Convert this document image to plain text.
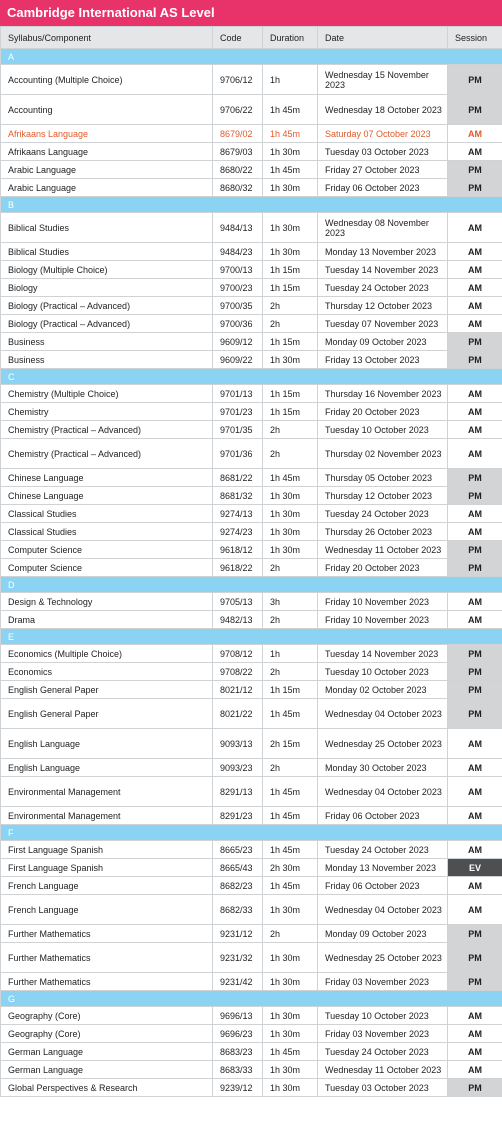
Cambridge International AS Level
Syllabus/Component	Code	Duration	Date	Session
A				
Accounting (Multiple Choice)	9706/12	1h	Wednesday 15 November 2023	PM
Accounting	9706/22	1h 45m	Wednesday 18 October 2023	PM
Afrikaans Language	8679/02	1h 45m	Saturday 07 October 2023	AM
Afrikaans Language	8679/03	1h 30m	Tuesday 03 October 2023	AM
Arabic Language	8680/22	1h 45m	Friday 27 October 2023	PM
Arabic Language	8680/32	1h 30m	Friday 06 October 2023	PM
B				
Biblical Studies	9484/13	1h 30m	Wednesday 08 November 2023	AM
Biblical Studies	9484/23	1h 30m	Monday 13 November 2023	AM
Biology (Multiple Choice)	9700/13	1h 15m	Tuesday 14 November 2023	AM
Biology	9700/23	1h 15m	Tuesday 24 October 2023	AM
Biology (Practical – Advanced)	9700/35	2h	Thursday 12 October 2023	AM
Biology (Practical – Advanced)	9700/36	2h	Tuesday 07 November 2023	AM
Business	9609/12	1h 15m	Monday 09 October 2023	PM
Business	9609/22	1h 30m	Friday 13 October 2023	PM
C				
Chemistry (Multiple Choice)	9701/13	1h 15m	Thursday 16 November 2023	AM
Chemistry	9701/23	1h 15m	Friday 20 October 2023	AM
Chemistry (Practical – Advanced)	9701/35	2h	Tuesday 10 October 2023	AM
Chemistry (Practical – Advanced)	9701/36	2h	Thursday 02 November 2023	AM
Chinese Language	8681/22	1h 45m	Thursday 05 October 2023	PM
Chinese Language	8681/32	1h 30m	Thursday 12 October 2023	PM
Classical Studies	9274/13	1h 30m	Tuesday 24 October 2023	AM
Classical Studies	9274/23	1h 30m	Thursday 26 October 2023	AM
Computer Science	9618/12	1h 30m	Wednesday 11 October 2023	PM
Computer Science	9618/22	2h	Friday 20 October 2023	PM
D				
Design & Technology	9705/13	3h	Friday 10 November 2023	AM
Drama	9482/13	2h	Friday 10 November 2023	AM
E				
Economics (Multiple Choice)	9708/12	1h	Tuesday 14 November 2023	PM
Economics	9708/22	2h	Tuesday 10 October 2023	PM
English General Paper	8021/12	1h 15m	Monday 02 October 2023	PM
English General Paper	8021/22	1h 45m	Wednesday 04 October 2023	PM
English Language	9093/13	2h 15m	Wednesday 25 October 2023	AM
English Language	9093/23	2h	Monday 30 October 2023	AM
Environmental Management	8291/13	1h 45m	Wednesday 04 October 2023	AM
Environmental Management	8291/23	1h 45m	Friday 06 October 2023	AM
F				
First Language Spanish	8665/23	1h 45m	Tuesday 24 October 2023	AM
First Language Spanish	8665/43	2h 30m	Monday 13 November 2023	EV
French Language	8682/23	1h 45m	Friday 06 October 2023	AM
French Language	8682/33	1h 30m	Wednesday 04 October 2023	AM
Further Mathematics	9231/12	2h	Monday 09 October 2023	PM
Further Mathematics	9231/32	1h 30m	Wednesday 25 October 2023	PM
Further Mathematics	9231/42	1h 30m	Friday 03 November 2023	PM
G				
Geography (Core)	9696/13	1h 30m	Tuesday 10 October 2023	AM
Geography (Core)	9696/23	1h 30m	Friday 03 November 2023	AM
German Language	8683/23	1h 45m	Tuesday 24 October 2023	AM
German Language	8683/33	1h 30m	Wednesday 11 October 2023	AM
Global Perspectives & Research	9239/12	1h 30m	Tuesday 03 October 2023	PM
